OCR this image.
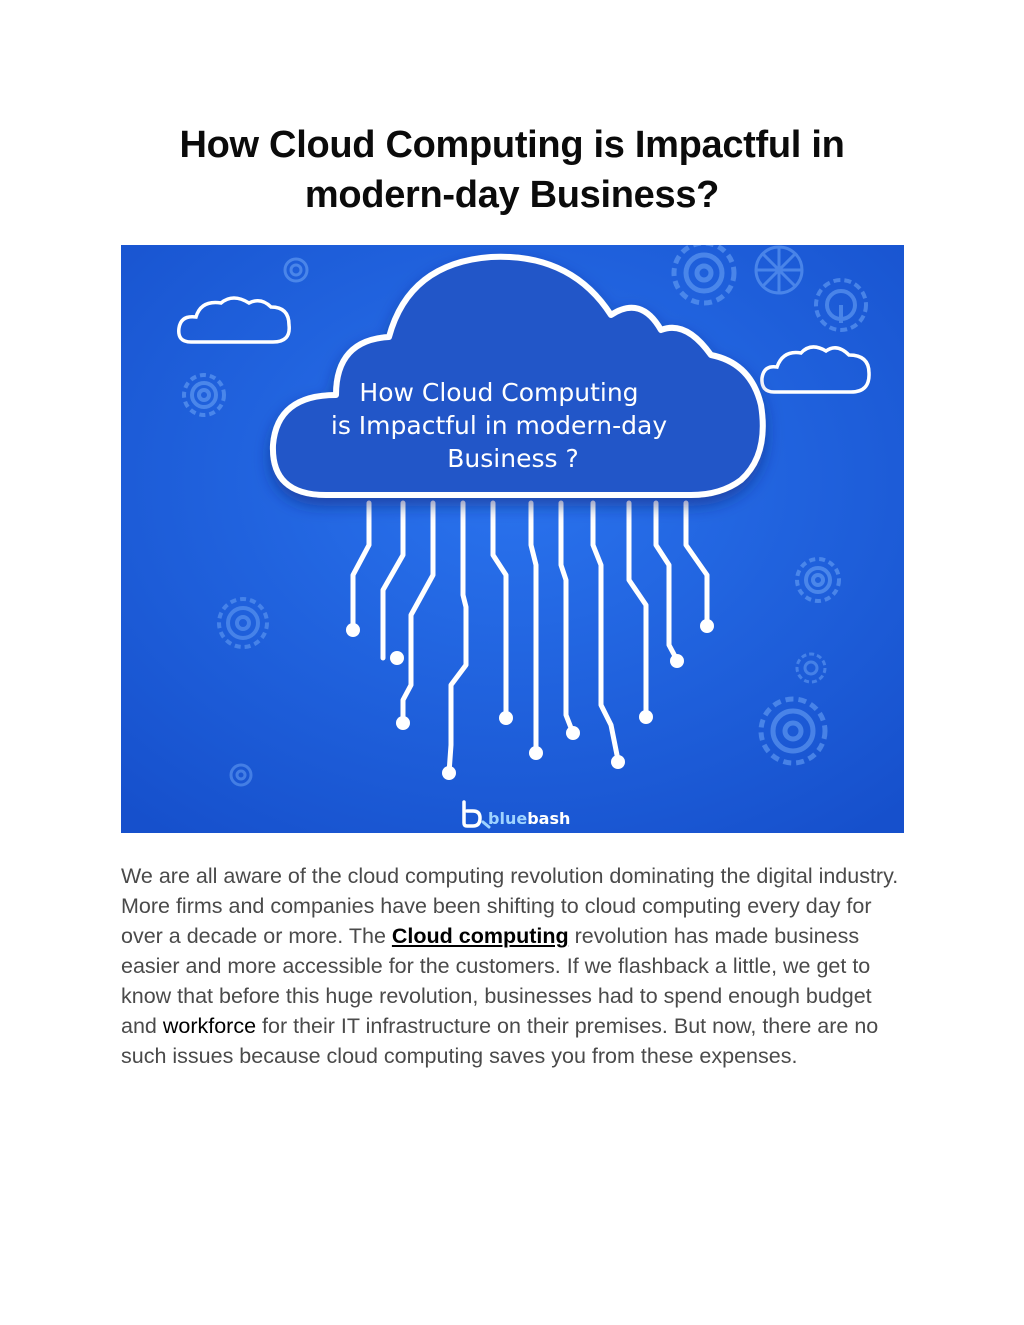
How Cloud Computing is Impactful in modern-day Business?
How Cloud Computing
is Impactful in modern-day
Business ?
bluebash

We are all aware of the cloud computing revolution dominating the digital industry. More firms and companies have been shifting to cloud computing every day for over a decade or more. The Cloud computing revolution has made business easier and more accessible for the customers. If we flashback a little, we get to know that before this huge revolution, businesses had to spend enough budget and workforce for their IT infrastructure on their premises. But now, there are no such issues because cloud computing saves you from these expenses.
